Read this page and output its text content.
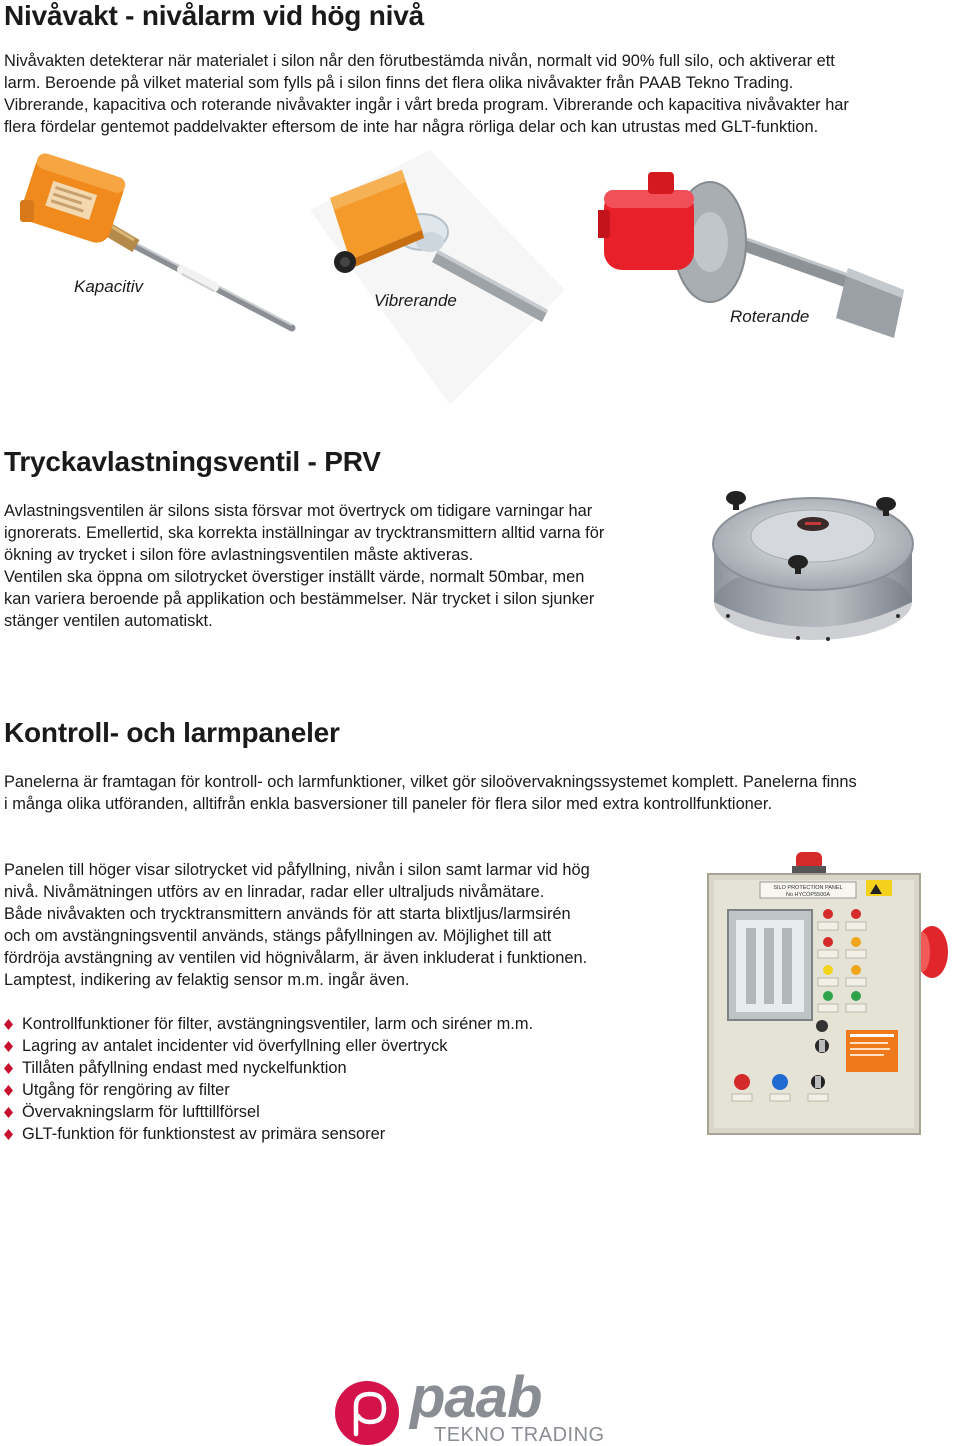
Nivåvakt - nivålarm vid hög nivå

Nivåvakten detekterar när materialet i silon når den förutbestämda nivån, normalt vid 90% full silo, och aktiverar ett
larm. Beroende på vilket material som fylls på i silon finns det flera olika nivåvakter från PAAB Tekno Trading.
Vibrerande, kapacitiva och roterande nivåvakter ingår i vårt breda program. Vibrerande och kapacitiva nivåvakter har
flera fördelar gentemot paddelvakter eftersom de inte har några rörliga delar och kan utrustas med GLT-funktion.

Kapacitiv
Vibrerande
Roterande
Tryckavlastningsventil - PRV

Avlastningsventilen är silons sista försvar mot övertryck om tidigare varningar har
ignorerats. Emellertid, ska korrekta inställningar av trycktransmittern alltid varna för
ökning av trycket i silon före avlastningsventilen måste aktiveras.
Ventilen ska öppna om silotrycket överstiger inställt värde, normalt 50mbar, men
kan variera beroende på applikation och bestämmelser. När trycket i silon sjunker
stänger ventilen automatiskt.

Kontroll- och larmpaneler

Panelerna är framtagan för kontroll- och larmfunktioner, vilket gör siloövervakningssystemet komplett. Panelerna finns
i många olika utföranden, alltifrån enkla basversioner till paneler för flera silor med extra kontrollfunktioner.

Panelen till höger visar silotrycket vid påfyllning, nivån i silon samt larmar vid hög
nivå. Nivåmätningen utförs av en linradar, radar eller ultraljuds nivåmätare.
Både nivåvakten och trycktransmittern används för att starta blixtljus/larmsirén
och om avstängningsventil används, stängs påfyllningen av. Möjlighet till att
fördröja avstängning av ventilen vid högnivålarm, är även inkluderat i funktionen.
Lamptest, indikering av felaktig sensor m.m. ingår även.

Kontrollfunktioner för filter, avstängningsventiler, larm och siréner m.m.
Lagring av antalet incidenter vid överfyllning eller övertryck
Tillåten påfyllning endast med nyckelfunktion
Utgång för rengöring av filter
Övervakningslarm för lufttillförsel
GLT-funktion för funktionstest av primära sensorer
SILO PROTECTION PANEL
No HYCOP5500A
paab
TEKNO TRADING
